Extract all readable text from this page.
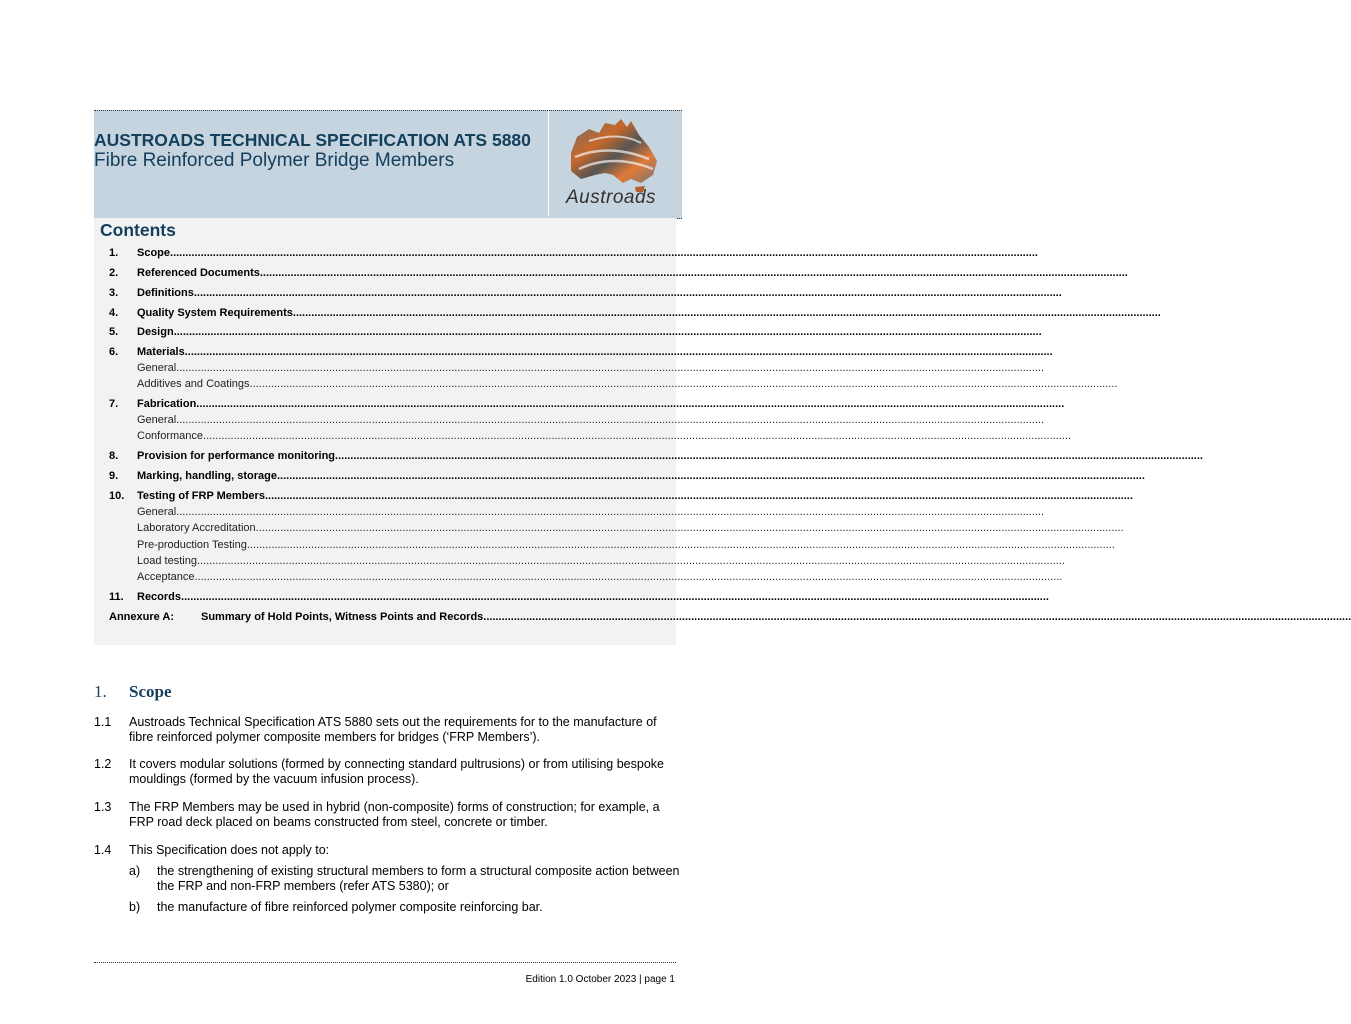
AUSTROADS TECHNICAL SPECIFICATION ATS 5880
Fibre Reinforced Polymer Bridge Members
Austroads
Contents
1.	Scope ............................................................................................................................................................................................................................................................................................
2.	Referenced Documents ............................................................................................................................................................................................................................................................................................
3.	Definitions ............................................................................................................................................................................................................................................................................................
4.	Quality System Requirements ............................................................................................................................................................................................................................................................................................
5.	Design ............................................................................................................................................................................................................................................................................................
6.	Materials ............................................................................................................................................................................................................................................................................................
General ............................................................................................................................................................................................................................................................................................
Additives and Coatings ............................................................................................................................................................................................................................................................................................
7.	Fabrication ............................................................................................................................................................................................................................................................................................
General ............................................................................................................................................................................................................................................................................................
Conformance ............................................................................................................................................................................................................................................................................................
8.	Provision for performance monitoring ............................................................................................................................................................................................................................................................................................
9.	Marking, handling, storage ............................................................................................................................................................................................................................................................................................
10.	Testing of FRP Members ............................................................................................................................................................................................................................................................................................
General ............................................................................................................................................................................................................................................................................................
Laboratory Accreditation ............................................................................................................................................................................................................................................................................................
Pre-production Testing ............................................................................................................................................................................................................................................................................................
Load testing ............................................................................................................................................................................................................................................................................................
Acceptance ............................................................................................................................................................................................................................................................................................
11.	Records ............................................................................................................................................................................................................................................................................................
Annexure A:	Summary of Hold Points, Witness Points and Records ............................................................................................................................................................................................................................................................................................
1.	Scope
1.1	Austroads Technical Specification ATS 5880 sets out the requirements for to the manufacture of fibre reinforced polymer composite members for bridges (‘FRP Members’).
1.2	It covers modular solutions (formed by connecting standard pultrusions) or from utilising bespoke mouldings (formed by the vacuum infusion process).
1.3	The FRP Members may be used in hybrid (non-composite) forms of construction; for example, a FRP road deck placed on beams constructed from steel, concrete or timber.
1.4	This Specification does not apply to:
a)	the strengthening of existing structural members to form a structural composite action between the FRP and non-FRP members (refer ATS 5380); or
b)	the manufacture of fibre reinforced polymer composite reinforcing bar.
Edition 1.0 October 2023 | page 1
